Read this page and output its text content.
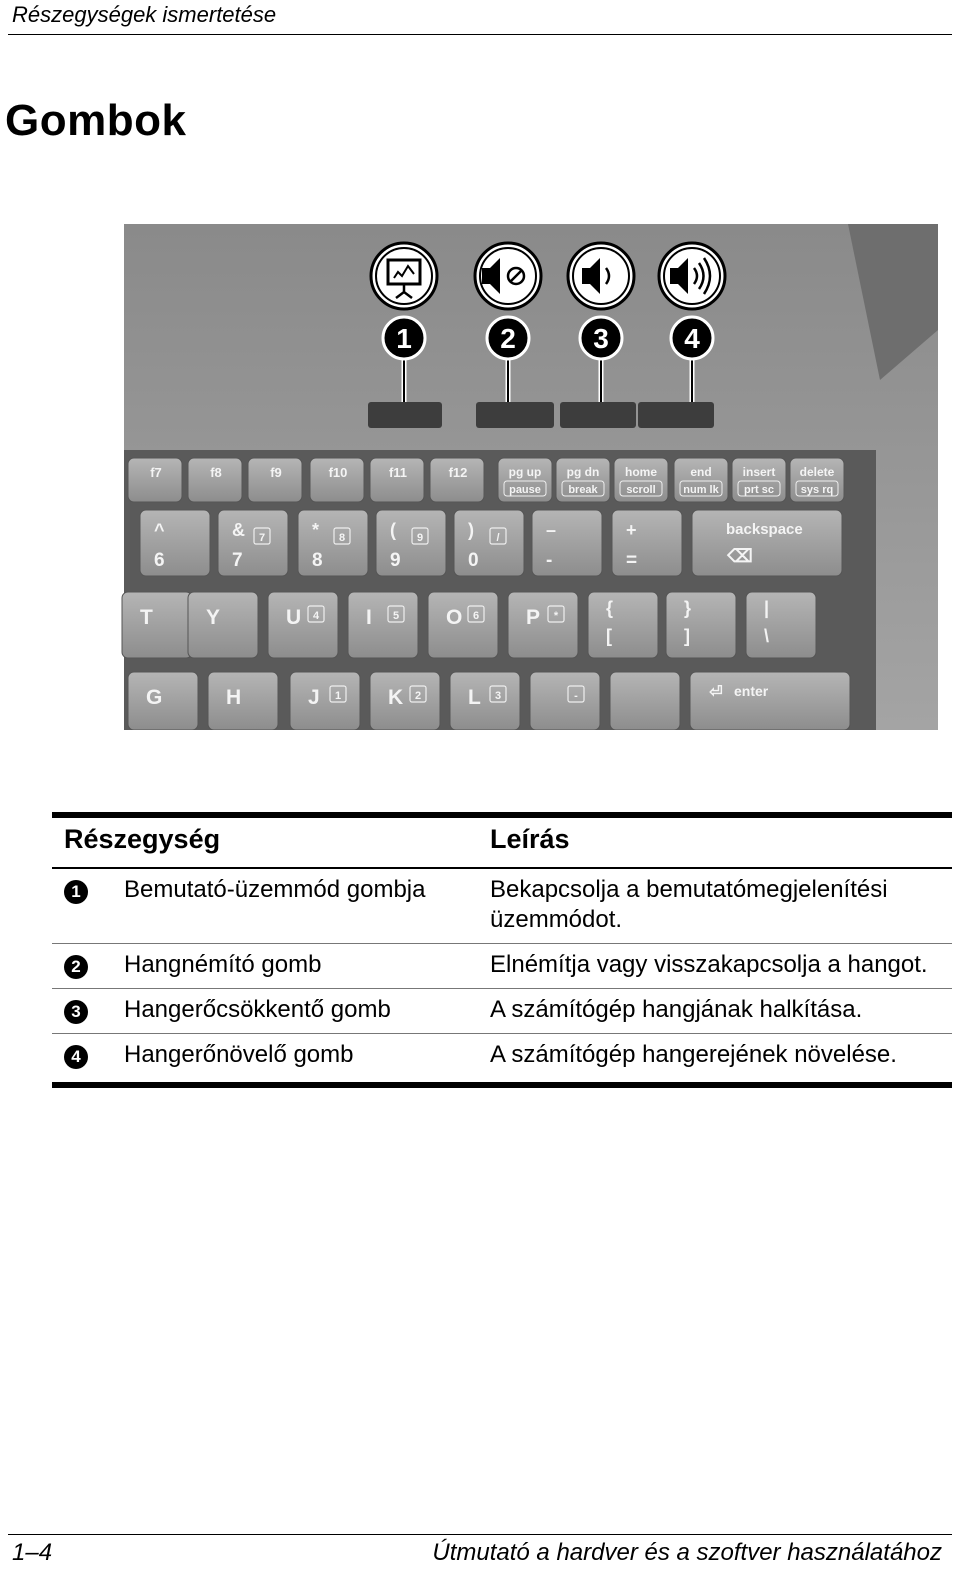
Részegységek ismertetése
Gombok
1	2	3	4
f7	f8	f9	f10	f11	f12	pg up
pause
pg dn
break
home
scroll
end
num lk
insert
prt sc
delete
sys rq
^
6
&
7
7	*
8
8 (
9
9 )
0
/	–
-
+
=
backspace
⌫
T	Y	U 4 I 5 O 6 P *	{
[
}
]
|
\
G	H	J 1 K 2 L 3	-	enter
⏎
Részegység		Leírás
1	Bemutató-üzemmód gombja	Bekapcsolja a bemutatómegjelenítési üzemmódot.
2	Hangnémító gomb	Elnémítja vagy visszakapcsolja a hangot.
3	Hangerőcsökkentő gomb	A számítógép hangjának halkítása.
4	Hangerőnövelő gomb	A számítógép hangerejének növelése.
1–4	Útmutató a hardver és a szoftver használatához
